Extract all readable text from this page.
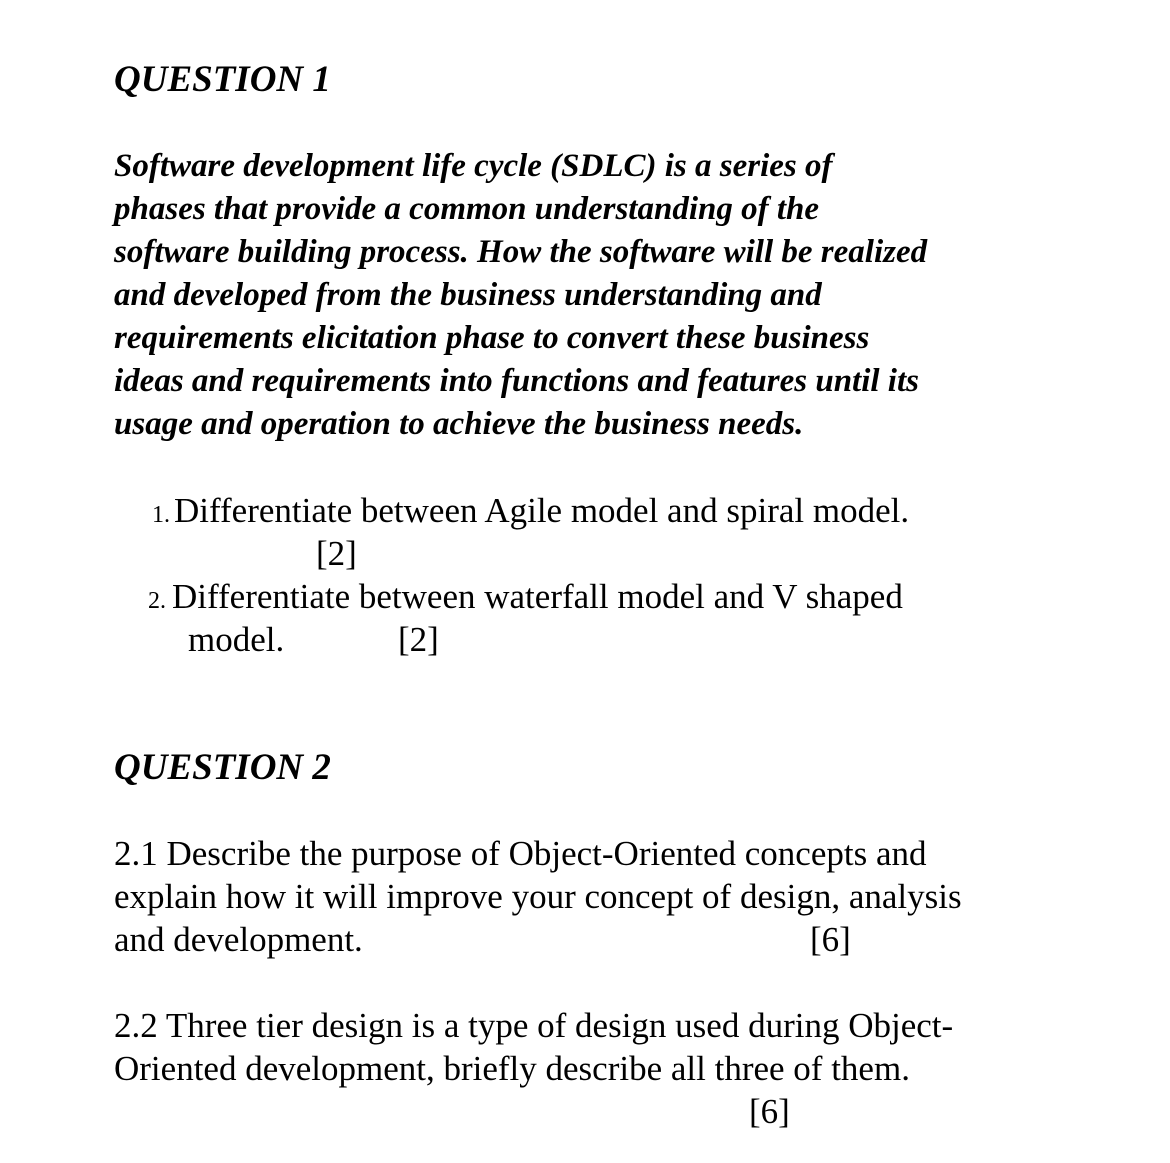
QUESTION 1
Software development life cycle (SDLC) is a series of
phases that provide a common understanding of the
software building process. How the software will be realized
and developed from the business understanding and
requirements elicitation phase to convert these business
ideas and requirements into functions and features until its
usage and operation to achieve the business needs.
1. Differentiate between Agile model and spiral model.
[2]
2. Differentiate between waterfall model and V shaped
model.	[2]
QUESTION 2
2.1 Describe the purpose of Object-Oriented concepts and
explain how it will improve your concept of design, analysis
and development.	[6]
2.2 Three tier design is a type of design used during Object-
Oriented development, briefly describe all three of them.
[6]
